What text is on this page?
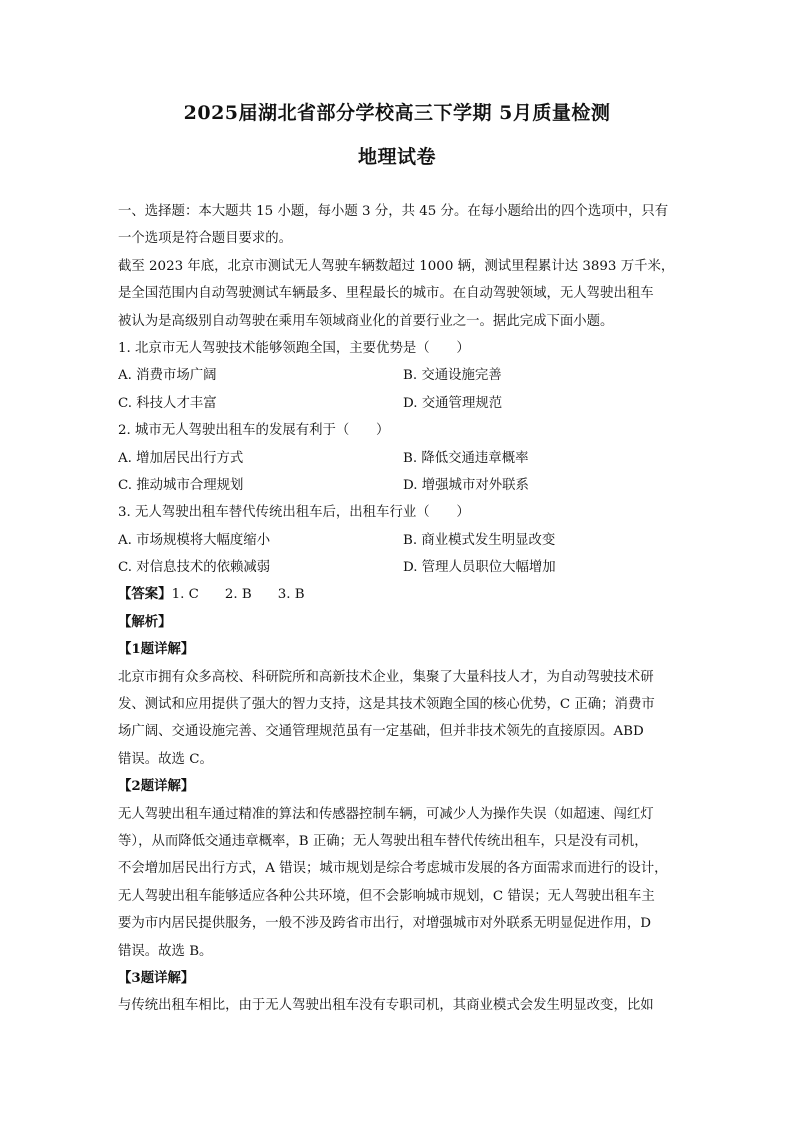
2025届湖北省部分学校高三下学期 5月质量检测
地理试卷
一、选择题：本大题共 15 小题，每小题 3 分，共 45 分。在每小题给出的四个选项中，只有
一个选项是符合题目要求的。
截至 2023 年底，北京市测试无人驾驶车辆数超过 1000 辆，测试里程累计达 3893 万千米，
是全国范围内自动驾驶测试车辆最多、里程最长的城市。在自动驾驶领域，无人驾驶出租车
被认为是高级别自动驾驶在乘用车领域商业化的首要行业之一。据此完成下面小题。
1. 北京市无人驾驶技术能够领跑全国，主要优势是（　　）
A. 消费市场广阔	B. 交通设施完善
C. 科技人才丰富	D. 交通管理规范
2. 城市无人驾驶出租车的发展有利于（　　）
A. 增加居民出行方式	B. 降低交通违章概率
C. 推动城市合理规划	D. 增强城市对外联系
3. 无人驾驶出租车替代传统出租车后，出租车行业（　　）
A. 市场规模将大幅度缩小	B. 商业模式发生明显改变
C. 对信息技术的依赖减弱	D. 管理人员职位大幅增加
【答案】1. C 2. B 3. B
【解析】
【1题详解】
北京市拥有众多高校、科研院所和高新技术企业，集聚了大量科技人才，为自动驾驶技术研
发、测试和应用提供了强大的智力支持，这是其技术领跑全国的核心优势，C 正确；消费市
场广阔、交通设施完善、交通管理规范虽有一定基础，但并非技术领先的直接原因。ABD
错误。故选 C。
【2题详解】
无人驾驶出租车通过精准的算法和传感器控制车辆，可减少人为操作失误（如超速、闯红灯
等），从而降低交通违章概率，B 正确；无人驾驶出租车替代传统出租车，只是没有司机，
不会增加居民出行方式，A 错误；城市规划是综合考虑城市发展的各方面需求而进行的设计，
无人驾驶出租车能够适应各种公共环境，但不会影响城市规划，C 错误；无人驾驶出租车主
要为市内居民提供服务，一般不涉及跨省市出行，对增强城市对外联系无明显促进作用，D
错误。故选 B。
【3题详解】
与传统出租车相比，由于无人驾驶出租车没有专职司机，其商业模式会发生明显改变，比如
